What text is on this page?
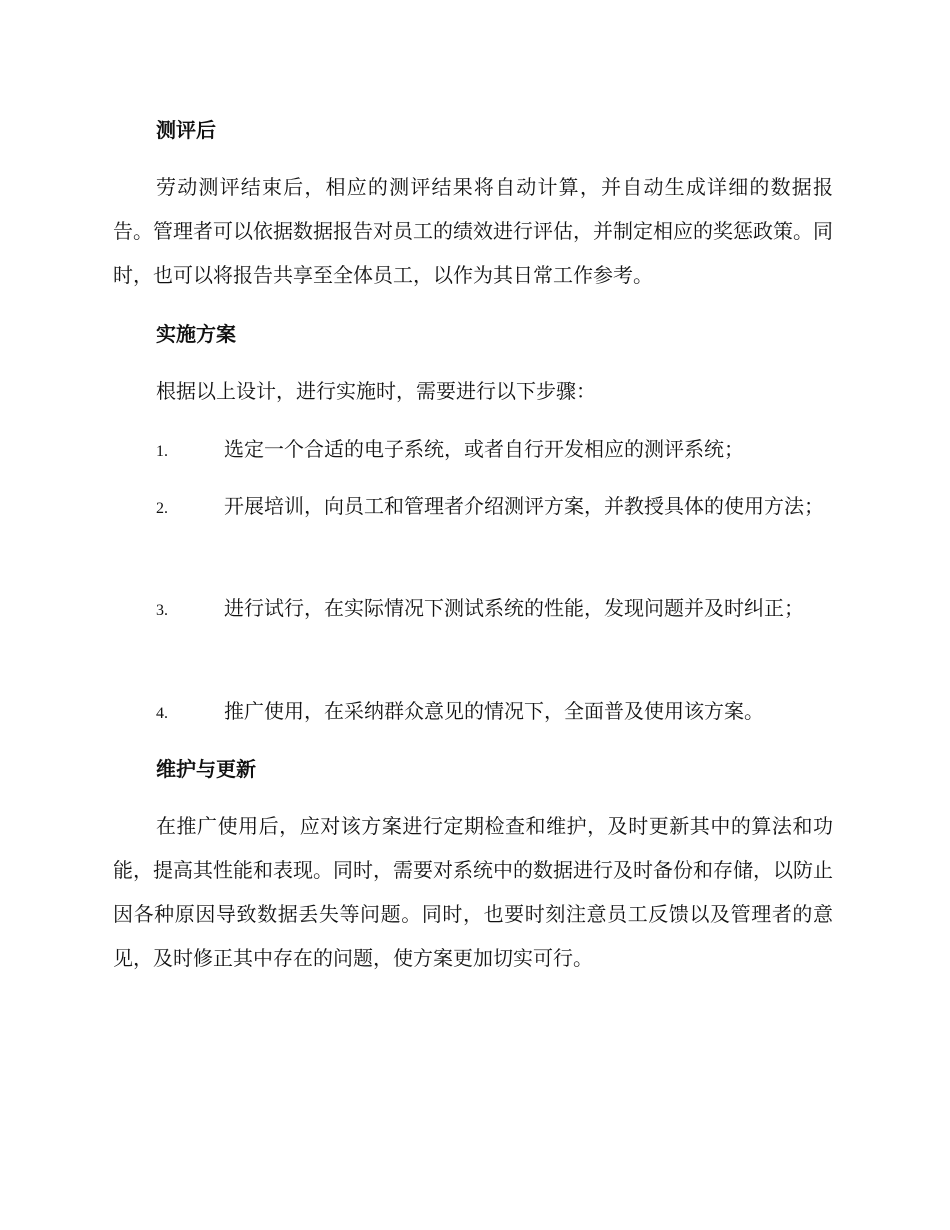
测评后

劳动测评结束后，相应的测评结果将自动计算，并自动生成详细的数据报告。管理者可以依据数据报告对员工的绩效进行评估，并制定相应的奖惩政策。同时，也可以将报告共享至全体员工，以作为其日常工作参考。

实施方案

根据以上设计，进行实施时，需要进行以下步骤：

1.	选定一个合适的电子系统，或者自行开发相应的测评系统；

2.	开展培训，向员工和管理者介绍测评方案，并教授具体的使用方法；

3.	进行试行，在实际情况下测试系统的性能，发现问题并及时纠正；

4.	推广使用，在采纳群众意见的情况下，全面普及使用该方案。

维护与更新

在推广使用后，应对该方案进行定期检查和维护，及时更新其中的算法和功能，提高其性能和表现。同时，需要对系统中的数据进行及时备份和存储，以防止因各种原因导致数据丢失等问题。同时，也要时刻注意员工反馈以及管理者的意见，及时修正其中存在的问题，使方案更加切实可行。
